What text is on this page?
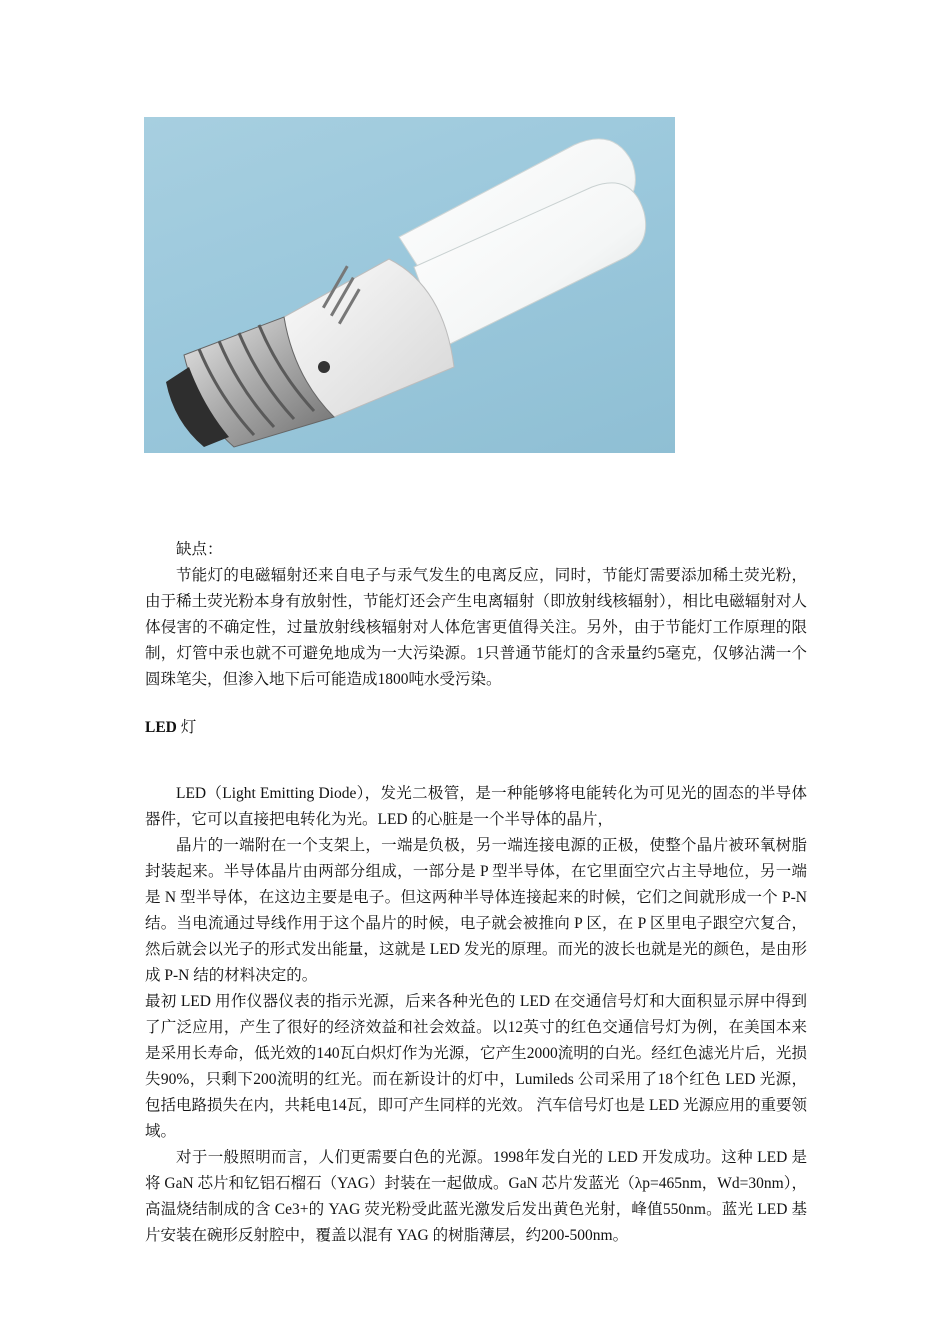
缺点：

节能灯的电磁辐射还来自电子与汞气发生的电离反应，同时，节能灯需要添加稀土荧光粉，由于稀土荧光粉本身有放射性，节能灯还会产生电离辐射（即放射线核辐射），相比电磁辐射对人体侵害的不确定性，过量放射线核辐射对人体危害更值得关注。另外，由于节能灯工作原理的限制，灯管中汞也就不可避免地成为一大污染源。1只普通节能灯的含汞量约5毫克，仅够沾满一个圆珠笔尖，但渗入地下后可能造成1800吨水受污染。

LED 灯

LED（Light Emitting Diode），发光二极管，是一种能够将电能转化为可见光的固态的半导体器件，它可以直接把电转化为光。LED 的心脏是一个半导体的晶片，

晶片的一端附在一个支架上，一端是负极，另一端连接电源的正极，使整个晶片被环氧树脂封装起来。半导体晶片由两部分组成，一部分是 P 型半导体，在它里面空穴占主导地位，另一端是 N 型半导体，在这边主要是电子。但这两种半导体连接起来的时候，它们之间就形成一个 P-N 结。当电流通过导线作用于这个晶片的时候，电子就会被推向 P 区，在 P 区里电子跟空穴复合，然后就会以光子的形式发出能量，这就是 LED 发光的原理。而光的波长也就是光的颜色，是由形成 P-N 结的材料决定的。

最初 LED 用作仪器仪表的指示光源，后来各种光色的 LED 在交通信号灯和大面积显示屏中得到了广泛应用，产生了很好的经济效益和社会效益。以12英寸的红色交通信号灯为例，在美国本来是采用长寿命，低光效的140瓦白炽灯作为光源，它产生2000流明的白光。经红色滤光片后，光损失90%，只剩下200流明的红光。而在新设计的灯中，Lumileds 公司采用了18个红色 LED 光源，包括电路损失在内，共耗电14瓦，即可产生同样的光效。 汽车信号灯也是 LED 光源应用的重要领域。

对于一般照明而言，人们更需要白色的光源。1998年发白光的 LED 开发成功。这种 LED 是将 GaN 芯片和钇铝石榴石（YAG）封装在一起做成。GaN 芯片发蓝光（λp=465nm，Wd=30nm），高温烧结制成的含 Ce3+的 YAG 荧光粉受此蓝光激发后发出黄色光射，峰值550nm。蓝光 LED 基片安装在碗形反射腔中，覆盖以混有 YAG 的树脂薄层，约200-500nm。
